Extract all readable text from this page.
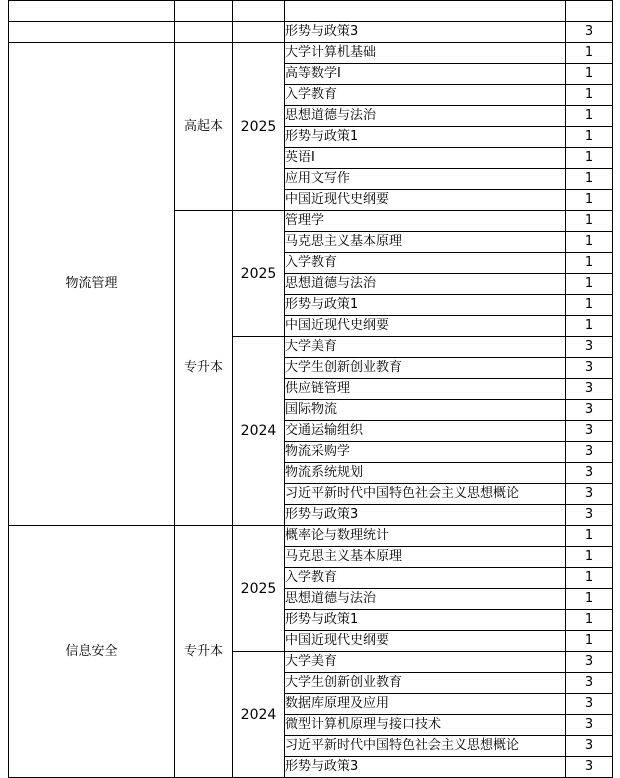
			形势与政策3	3
物流管理	高起本	2025	大学计算机基础	1
			高等数学I	1
			入学教育	1
			思想道德与法治	1
			形势与政策1	1
			英语I	1
			应用文写作	1
			中国近现代史纲要	1
	专升本	2025	管理学	1
			马克思主义基本原理	1
			入学教育	1
			思想道德与法治	1
			形势与政策1	1
			中国近现代史纲要	1
		2024	大学美育	3
			大学生创新创业教育	3
			供应链管理	3
			国际物流	3
			交通运输组织	3
			物流采购学	3
			物流系统规划	3
			习近平新时代中国特色社会主义思想概论	3
			形势与政策3	3
信息安全	专升本	2025	概率论与数理统计	1
			马克思主义基本原理	1
			入学教育	1
			思想道德与法治	1
			形势与政策1	1
			中国近现代史纲要	1
		2024	大学美育	3
			大学生创新创业教育	3
			数据库原理及应用	3
			微型计算机原理与接口技术	3
			习近平新时代中国特色社会主义思想概论	3
			形势与政策3	3
